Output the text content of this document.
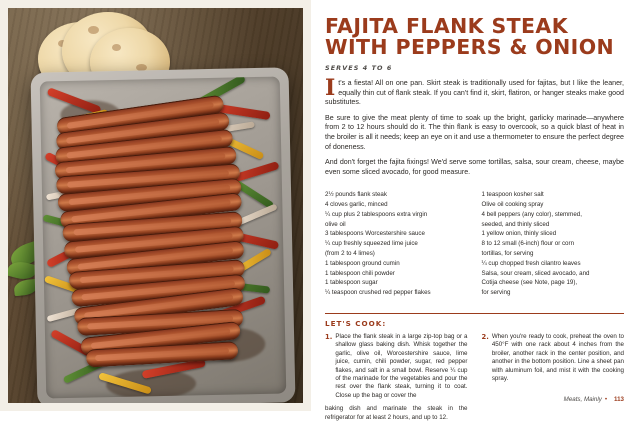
FAJITA FLANK STEAK
WITH PEPPERS & ONION
SERVES 4 TO 6

It's a fiesta! All on one pan. Skirt steak is traditionally used for fajitas, but I like the leaner, equally thin cut of flank steak. If you can't find it, skirt, flatiron, or hanger steaks make good substitutes.

Be sure to give the meat plenty of time to soak up the bright, garlicky marinade—anywhere from 2 to 12 hours should do it. The thin flank is easy to overcook, so a quick blast of heat in the broiler is all it needs; keep an eye on it and use a thermometer to ensure the perfect degree of doneness.

And don't forget the fajita fixings! We'd serve some tortillas, salsa, sour cream, cheese, maybe even some sliced avocado, for good measure.

2½ pounds flank steak
4 cloves garlic, minced
¼ cup plus 2 tablespoons extra virgin
olive oil
3 tablespoons Worcestershire sauce
¼ cup freshly squeezed lime juice
(from 2 to 4 limes)
1 tablespoon ground cumin
1 tablespoon chili powder
1 tablespoon sugar
¼ teaspoon crushed red pepper flakes
1 teaspoon kosher salt
Olive oil cooking spray
4 bell peppers (any color), stemmed,
seeded, and thinly sliced
1 yellow onion, thinly sliced
8 to 12 small (6-inch) flour or corn
tortillas, for serving
¼ cup chopped fresh cilantro leaves
Salsa, sour cream, sliced avocado, and
Cotija cheese (see Note, page 19),
for serving
LET'S COOK:
1. Place the flank steak in a large zip-top bag or a shallow glass baking dish. Whisk together the garlic, olive oil, Worcestershire sauce, lime juice, cumin, chili powder, sugar, red pepper flakes, and salt in a small bowl. Reserve ¼ cup of the marinade for the vegetables and pour the rest over the flank steak, turning it to coat. Close up the bag or cover the
2. When you're ready to cook, preheat the oven to 450°F with one rack about 4 inches from the broiler, another rack in the center position, and another in the bottom position. Line a sheet pan with aluminum foil, and mist it with the cooking spray.
baking dish and marinate the steak in the refrigerator for at least 2 hours, and up to 12.
Meats, Mainly • 113
